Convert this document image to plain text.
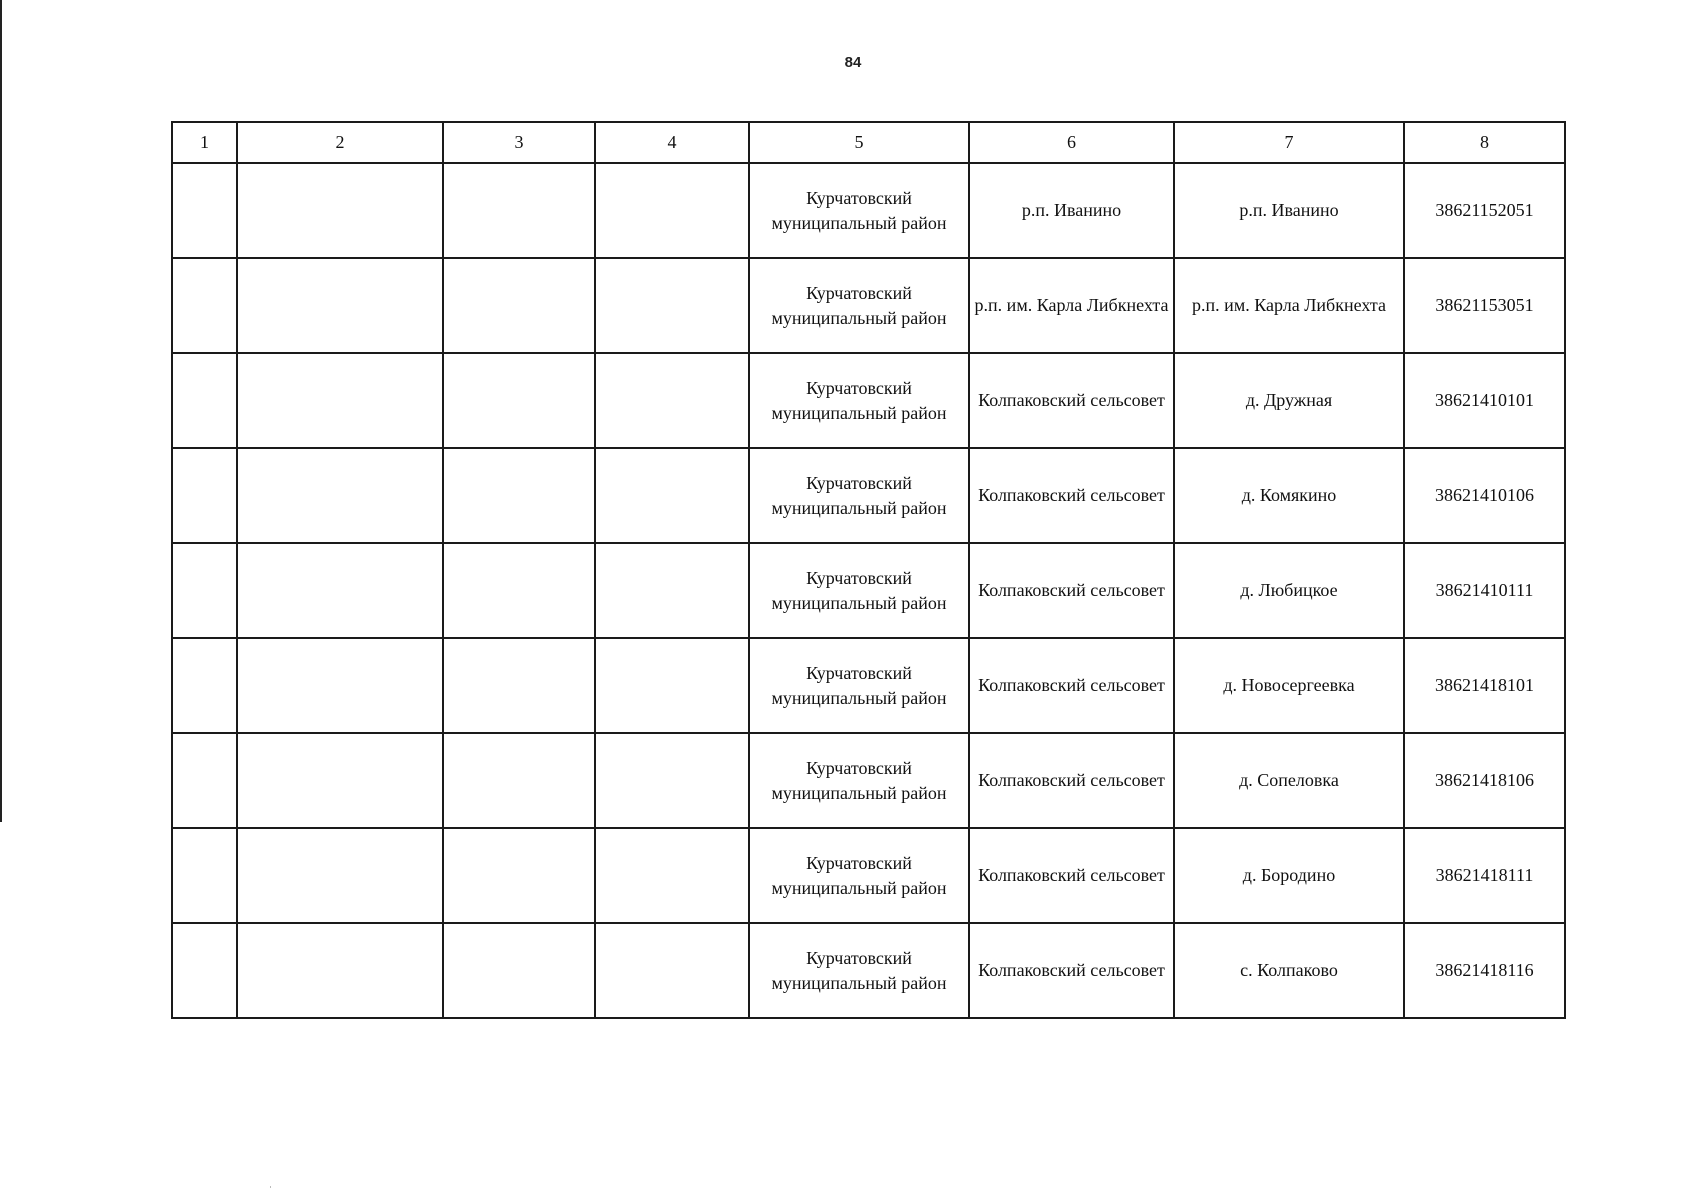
84
1	2	3	4	5	6	7	8
				Курчатовский муниципальный район	р.п. Иванино	р.п. Иванино	38621152051
				Курчатовский муниципальный район	р.п. им. Карла Либкнехта	р.п. им. Карла Либкнехта	38621153051
				Курчатовский муниципальный район	Колпаковский сельсовет	д. Дружная	38621410101
				Курчатовский муниципальный район	Колпаковский сельсовет	д. Комякино	38621410106
				Курчатовский муниципальный район	Колпаковский сельсовет	д. Любицкое	38621410111
				Курчатовский муниципальный район	Колпаковский сельсовет	д. Новосергеевка	38621418101
				Курчатовский муниципальный район	Колпаковский сельсовет	д. Сопеловка	38621418106
				Курчатовский муниципальный район	Колпаковский сельсовет	д. Бородино	38621418111
				Курчатовский муниципальный район	Колпаковский сельсовет	с. Колпаково	38621418116
